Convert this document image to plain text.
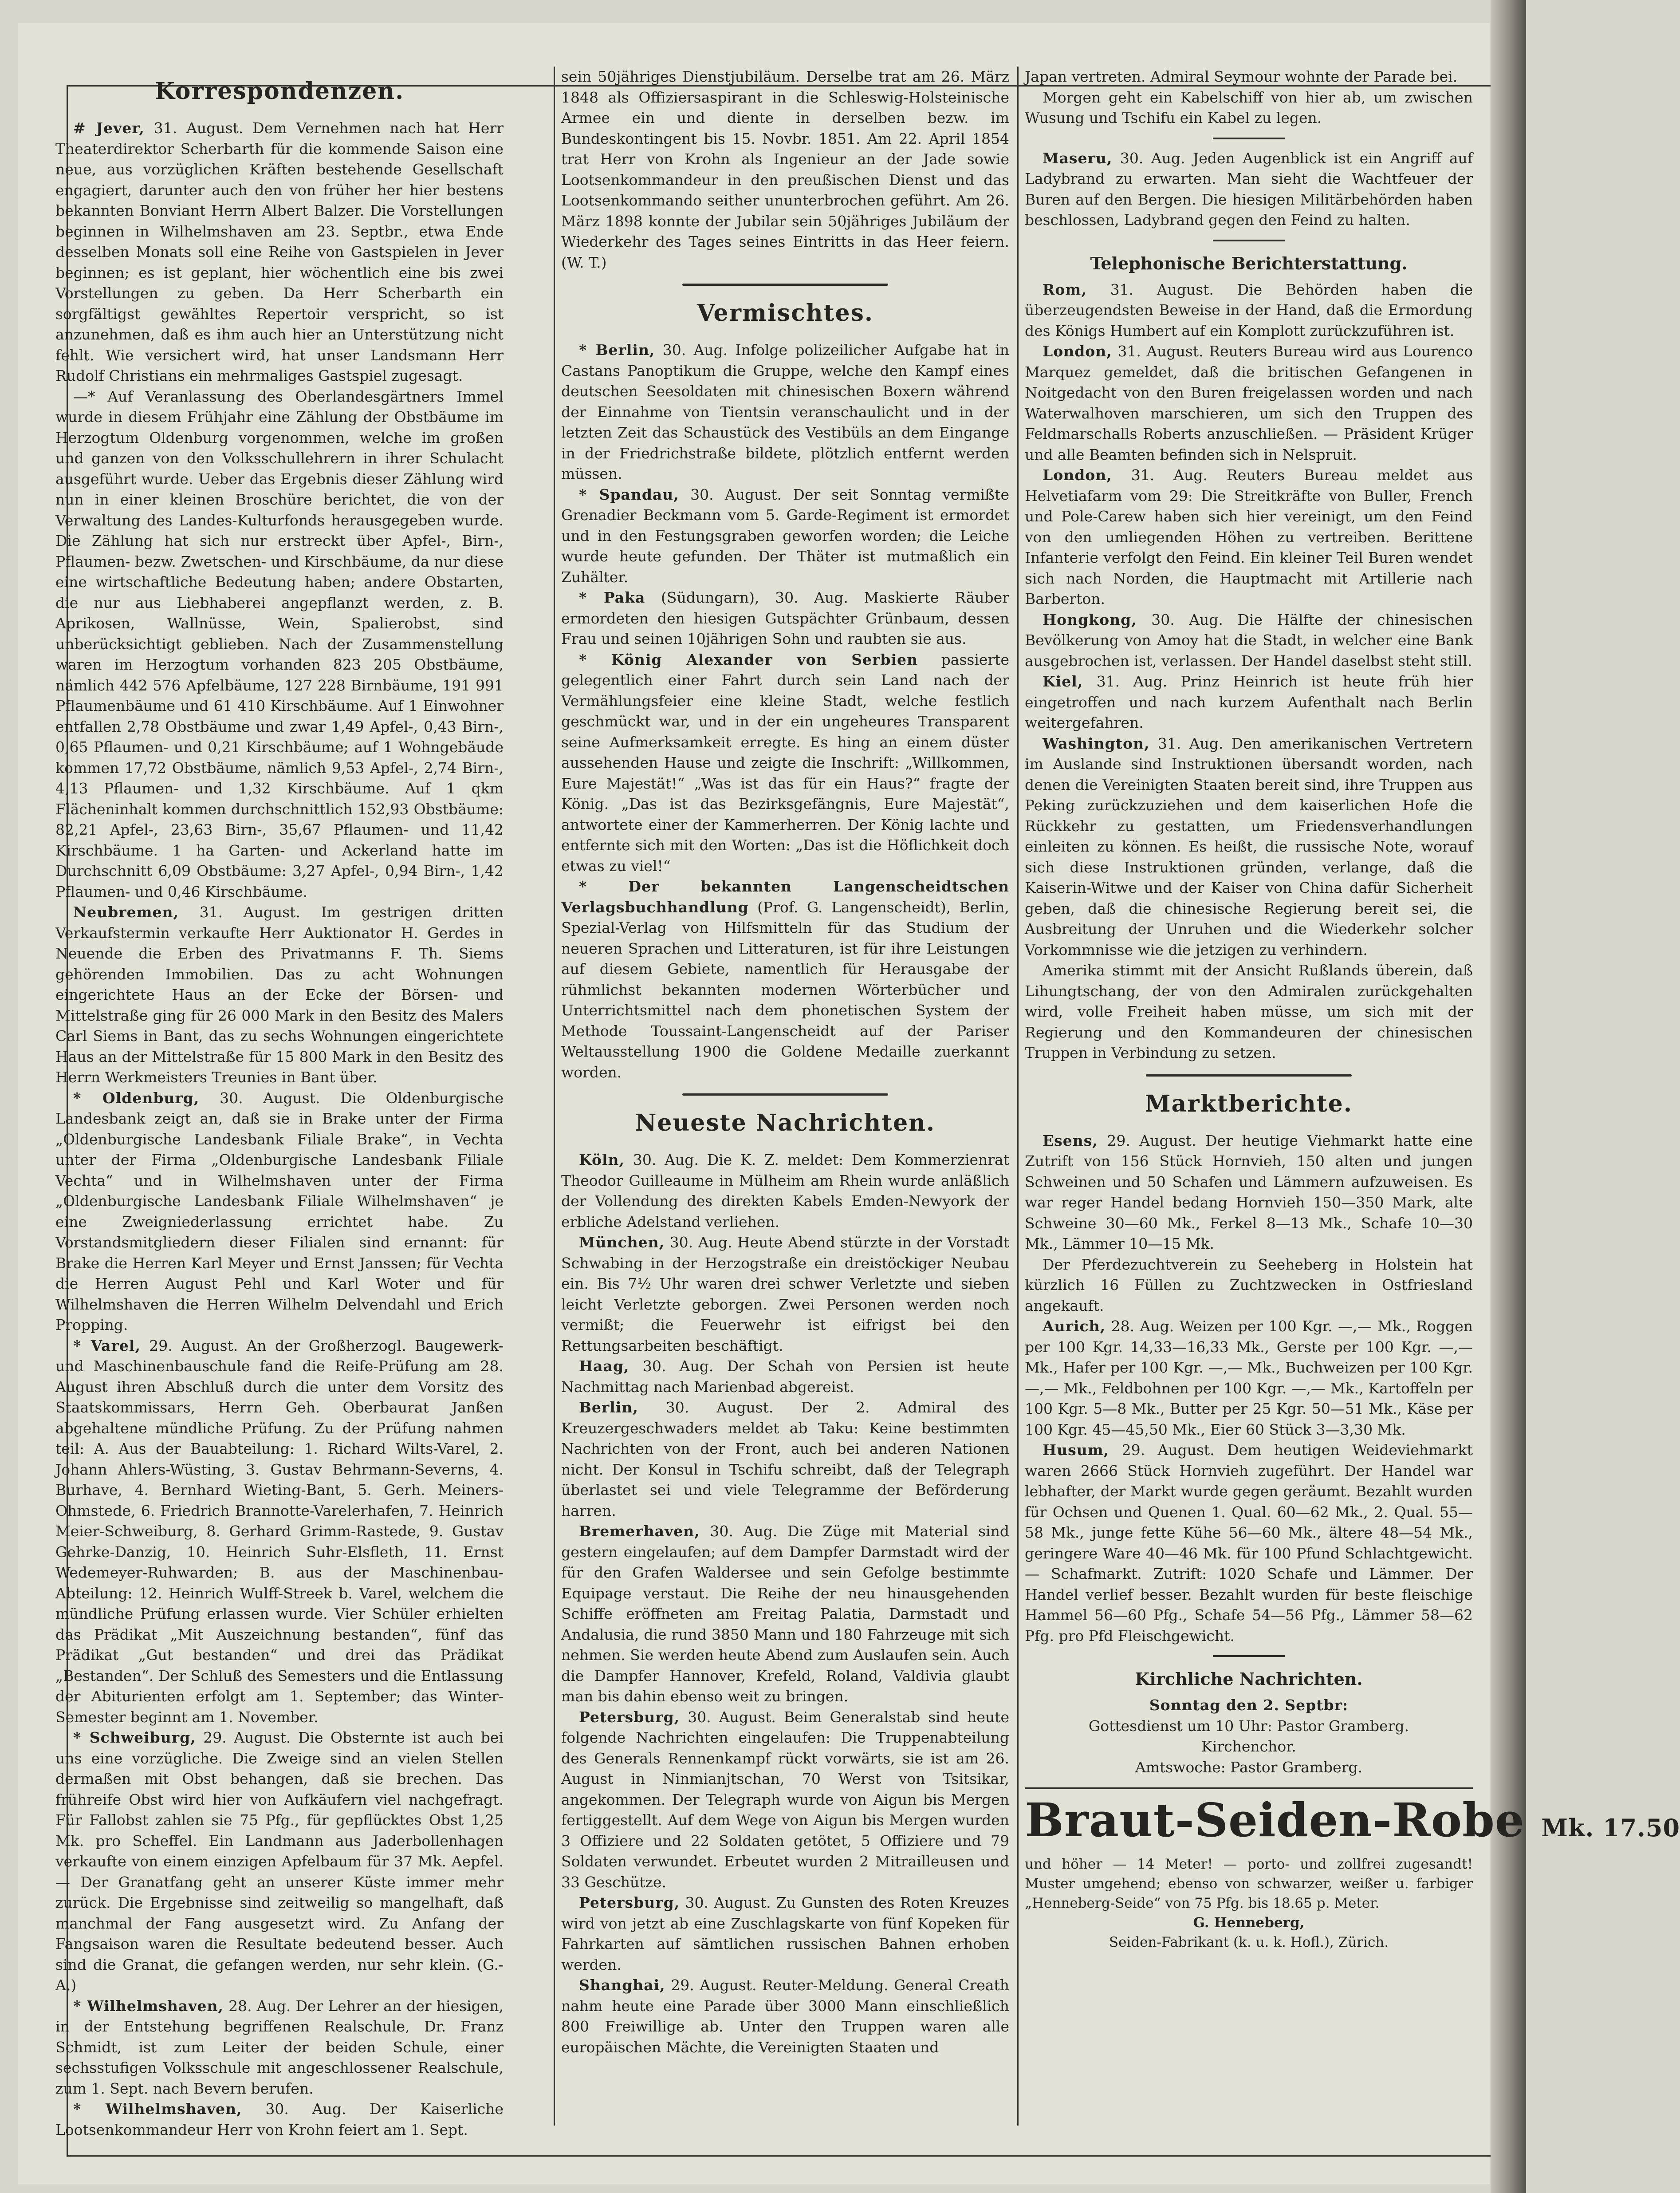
Korrespondenzen.

# Jever, 31. August. Dem Vernehmen nach hat Herr Theaterdirektor Scherbarth für die kommende Saison eine neue, aus vorzüglichen Kräften bestehende Gesellschaft engagiert, darunter auch den von früher her hier bestens bekannten Bonviant Herrn Albert Balzer. Die Vorstellungen beginnen in Wilhelmshaven am 23. Septbr., etwa Ende desselben Monats soll eine Reihe von Gastspielen in Jever beginnen; es ist geplant, hier wöchentlich eine bis zwei Vorstellungen zu geben. Da Herr Scherbarth ein sorgfältigst gewähltes Repertoir verspricht, so ist anzunehmen, daß es ihm auch hier an Unterstützung nicht fehlt. Wie versichert wird, hat unser Landsmann Herr Rudolf Christians ein mehrmaliges Gastspiel zugesagt.

—* Auf Veranlassung des Oberlandesgärtners Immel wurde in diesem Frühjahr eine Zählung der Obstbäume im Herzogtum Oldenburg vorgenommen, welche im großen und ganzen von den Volksschullehrern in ihrer Schulacht ausgeführt wurde. Ueber das Ergebnis dieser Zählung wird nun in einer kleinen Broschüre berichtet, die von der Verwaltung des Landes-Kulturfonds herausgegeben wurde. Die Zählung hat sich nur erstreckt über Apfel-, Birn-, Pflaumen- bezw. Zwetschen- und Kirschbäume, da nur diese eine wirtschaftliche Bedeutung haben; andere Obstarten, die nur aus Liebhaberei angepflanzt werden, z. B. Aprikosen, Wallnüsse, Wein, Spalierobst, sind unberücksichtigt geblieben. Nach der Zusammenstellung waren im Herzogtum vorhanden 823 205 Obstbäume, nämlich 442 576 Apfelbäume, 127 228 Birnbäume, 191 991 Pflaumenbäume und 61 410 Kirschbäume. Auf 1 Einwohner entfallen 2,78 Obstbäume und zwar 1,49 Apfel-, 0,43 Birn-, 0,65 Pflaumen- und 0,21 Kirschbäume; auf 1 Wohngebäude kommen 17,72 Obstbäume, nämlich 9,53 Apfel-, 2,74 Birn-, 4,13 Pflaumen- und 1,32 Kirschbäume. Auf 1 qkm Flächeninhalt kommen durchschnittlich 152,93 Obstbäume: 82,21 Apfel-, 23,63 Birn-, 35,67 Pflaumen- und 11,42 Kirschbäume. 1 ha Garten- und Ackerland hatte im Durchschnitt 6,09 Obstbäume: 3,27 Apfel-, 0,94 Birn-, 1,42 Pflaumen- und 0,46 Kirschbäume.

Neubremen, 31. August. Im gestrigen dritten Verkaufstermin verkaufte Herr Auktionator H. Gerdes in Neuende die Erben des Privatmanns F. Th. Siems gehörenden Immobilien. Das zu acht Wohnungen eingerichtete Haus an der Ecke der Börsen- und Mittelstraße ging für 26 000 Mark in den Besitz des Malers Carl Siems in Bant, das zu sechs Wohnungen eingerichtete Haus an der Mittelstraße für 15 800 Mark in den Besitz des Herrn Werkmeisters Treunies in Bant über.

* Oldenburg, 30. August. Die Oldenburgische Landesbank zeigt an, daß sie in Brake unter der Firma „Oldenburgische Landesbank Filiale Brake“, in Vechta unter der Firma „Oldenburgische Landesbank Filiale Vechta“ und in Wilhelmshaven unter der Firma „Oldenburgische Landesbank Filiale Wilhelmshaven“ je eine Zweigniederlassung errichtet habe. Zu Vorstandsmitgliedern dieser Filialen sind ernannt: für Brake die Herren Karl Meyer und Ernst Janssen; für Vechta die Herren August Pehl und Karl Woter und für Wilhelmshaven die Herren Wilhelm Delvendahl und Erich Propping.

* Varel, 29. August. An der Großherzogl. Baugewerk- und Maschinenbauschule fand die Reife-Prüfung am 28. August ihren Abschluß durch die unter dem Vorsitz des Staatskommissars, Herrn Geh. Oberbaurat Janßen abgehaltene mündliche Prüfung. Zu der Prüfung nahmen teil: A. Aus der Bauabteilung: 1. Richard Wilts-Varel, 2. Johann Ahlers-Wüsting, 3. Gustav Behrmann-Severns, 4. Burhave, 4. Bernhard Wieting-Bant, 5. Gerh. Meiners-Ohmstede, 6. Friedrich Brannotte-Varelerhafen, 7. Heinrich Meier-Schweiburg, 8. Gerhard Grimm-Rastede, 9. Gustav Gehrke-Danzig, 10. Heinrich Suhr-Elsfleth, 11. Ernst Wedemeyer-Ruhwarden; B. aus der Maschinenbau-Abteilung: 12. Heinrich Wulff-Streek b. Varel, welchem die mündliche Prüfung erlassen wurde. Vier Schüler erhielten das Prädikat „Mit Auszeichnung bestanden“, fünf das Prädikat „Gut bestanden“ und drei das Prädikat „Bestanden“. Der Schluß des Semesters und die Entlassung der Abiturienten erfolgt am 1. September; das Winter-Semester beginnt am 1. November.

* Schweiburg, 29. August. Die Obsternte ist auch bei uns eine vorzügliche. Die Zweige sind an vielen Stellen dermaßen mit Obst behangen, daß sie brechen. Das frühreife Obst wird hier von Aufkäufern viel nachgefragt. Für Fallobst zahlen sie 75 Pfg., für gepflücktes Obst 1,25 Mk. pro Scheffel. Ein Landmann aus Jaderbollenhagen verkaufte von einem einzigen Apfelbaum für 37 Mk. Aepfel. — Der Granatfang geht an unserer Küste immer mehr zurück. Die Ergebnisse sind zeitweilig so mangelhaft, daß manchmal der Fang ausgesetzt wird. Zu Anfang der Fangsaison waren die Resultate bedeutend besser. Auch sind die Granat, die gefangen werden, nur sehr klein. (G.-A.)

* Wilhelmshaven, 28. Aug. Der Lehrer an der hiesigen, in der Entstehung begriffenen Realschule, Dr. Franz Schmidt, ist zum Leiter der beiden Schule, einer sechsstufigen Volksschule mit angeschlossener Realschule, zum 1. Sept. nach Bevern berufen.

* Wilhelmshaven, 30. Aug. Der Kaiserliche Lootsenkommandeur Herr von Krohn feiert am 1. Sept.

sein 50jähriges Dienstjubiläum. Derselbe trat am 26. März 1848 als Offiziersaspirant in die Schleswig-Holsteinische Armee ein und diente in derselben bezw. im Bundeskontingent bis 15. Novbr. 1851. Am 22. April 1854 trat Herr von Krohn als Ingenieur an der Jade sowie Lootsenkommandeur in den preußischen Dienst und das Lootsenkommando seither ununterbrochen geführt. Am 26. März 1898 konnte der Jubilar sein 50jähriges Jubiläum der Wiederkehr des Tages seines Eintritts in das Heer feiern. (W. T.)

Vermischtes.

* Berlin, 30. Aug. Infolge polizeilicher Aufgabe hat in Castans Panoptikum die Gruppe, welche den Kampf eines deutschen Seesoldaten mit chinesischen Boxern während der Einnahme von Tientsin veranschaulicht und in der letzten Zeit das Schaustück des Vestibüls an dem Eingange in der Friedrichstraße bildete, plötzlich entfernt werden müssen.

* Spandau, 30. August. Der seit Sonntag vermißte Grenadier Beckmann vom 5. Garde-Regiment ist ermordet und in den Festungsgraben geworfen worden; die Leiche wurde heute gefunden. Der Thäter ist mutmaßlich ein Zuhälter.

* Paka (Südungarn), 30. Aug. Maskierte Räuber ermordeten den hiesigen Gutspächter Grünbaum, dessen Frau und seinen 10jährigen Sohn und raubten sie aus.

* König Alexander von Serbien passierte gelegentlich einer Fahrt durch sein Land nach der Vermählungsfeier eine kleine Stadt, welche festlich geschmückt war, und in der ein ungeheures Transparent seine Aufmerksamkeit erregte. Es hing an einem düster aussehenden Hause und zeigte die Inschrift: „Willkommen, Eure Majestät!“ „Was ist das für ein Haus?“ fragte der König. „Das ist das Bezirksgefängnis, Eure Majestät“, antwortete einer der Kammerherren. Der König lachte und entfernte sich mit den Worten: „Das ist die Höflichkeit doch etwas zu viel!“

* Der bekannten Langenscheidtschen Verlagsbuchhandlung (Prof. G. Langenscheidt), Berlin, Spezial-Verlag von Hilfsmitteln für das Studium der neueren Sprachen und Litteraturen, ist für ihre Leistungen auf diesem Gebiete, namentlich für Herausgabe der rühmlichst bekannten modernen Wörterbücher und Unterrichtsmittel nach dem phonetischen System der Methode Toussaint-Langenscheidt auf der Pariser Weltausstellung 1900 die Goldene Medaille zuerkannt worden.

Neueste Nachrichten.

Köln, 30. Aug. Die K. Z. meldet: Dem Kommerzienrat Theodor Guilleaume in Mülheim am Rhein wurde anläßlich der Vollendung des direkten Kabels Emden-Newyork der erbliche Adelstand verliehen.

München, 30. Aug. Heute Abend stürzte in der Vorstadt Schwabing in der Herzogstraße ein dreistöckiger Neubau ein. Bis 7½ Uhr waren drei schwer Verletzte und sieben leicht Verletzte geborgen. Zwei Personen werden noch vermißt; die Feuerwehr ist eifrigst bei den Rettungsarbeiten beschäftigt.

Haag, 30. Aug. Der Schah von Persien ist heute Nachmittag nach Marienbad abgereist.

Berlin, 30. August. Der 2. Admiral des Kreuzergeschwaders meldet ab Taku: Keine bestimmten Nachrichten von der Front, auch bei anderen Nationen nicht. Der Konsul in Tschifu schreibt, daß der Telegraph überlastet sei und viele Telegramme der Beförderung harren.

Bremerhaven, 30. Aug. Die Züge mit Material sind gestern eingelaufen; auf dem Dampfer Darmstadt wird der für den Grafen Waldersee und sein Gefolge bestimmte Equipage verstaut. Die Reihe der neu hinausgehenden Schiffe eröffneten am Freitag Palatia, Darmstadt und Andalusia, die rund 3850 Mann und 180 Fahrzeuge mit sich nehmen. Sie werden heute Abend zum Auslaufen sein. Auch die Dampfer Hannover, Krefeld, Roland, Valdivia glaubt man bis dahin ebenso weit zu bringen.

Petersburg, 30. August. Beim Generalstab sind heute folgende Nachrichten eingelaufen: Die Truppenabteilung des Generals Rennenkampf rückt vorwärts, sie ist am 26. August in Ninmianjtschan, 70 Werst von Tsitsikar, angekommen. Der Telegraph wurde von Aigun bis Mergen fertiggestellt. Auf dem Wege von Aigun bis Mergen wurden 3 Offiziere und 22 Soldaten getötet, 5 Offiziere und 79 Soldaten verwundet. Erbeutet wurden 2 Mitrailleusen und 33 Geschütze.

Petersburg, 30. August. Zu Gunsten des Roten Kreuzes wird von jetzt ab eine Zuschlagskarte von fünf Kopeken für Fahrkarten auf sämtlichen russischen Bahnen erhoben werden.

Shanghai, 29. August. Reuter-Meldung. General Creath nahm heute eine Parade über 3000 Mann einschließlich 800 Freiwillige ab. Unter den Truppen waren alle europäischen Mächte, die Vereinigten Staaten und

Japan vertreten. Admiral Seymour wohnte der Parade bei.

Morgen geht ein Kabelschiff von hier ab, um zwischen Wusung und Tschifu ein Kabel zu legen.

Maseru, 30. Aug. Jeden Augenblick ist ein Angriff auf Ladybrand zu erwarten. Man sieht die Wachtfeuer der Buren auf den Bergen. Die hiesigen Militärbehörden haben beschlossen, Ladybrand gegen den Feind zu halten.

Telephonische Berichterstattung.

Rom, 31. August. Die Behörden haben die überzeugendsten Beweise in der Hand, daß die Ermordung des Königs Humbert auf ein Komplott zurückzuführen ist.

London, 31. August. Reuters Bureau wird aus Lourenco Marquez gemeldet, daß die britischen Gefangenen in Noitgedacht von den Buren freigelassen worden und nach Waterwalhoven marschieren, um sich den Truppen des Feldmarschalls Roberts anzuschließen. — Präsident Krüger und alle Beamten befinden sich in Nelspruit.

London, 31. Aug. Reuters Bureau meldet aus Helvetiafarm vom 29: Die Streitkräfte von Buller, French und Pole-Carew haben sich hier vereinigt, um den Feind von den umliegenden Höhen zu vertreiben. Berittene Infanterie verfolgt den Feind. Ein kleiner Teil Buren wendet sich nach Norden, die Hauptmacht mit Artillerie nach Barberton.

Hongkong, 30. Aug. Die Hälfte der chinesischen Bevölkerung von Amoy hat die Stadt, in welcher eine Bank ausgebrochen ist, verlassen. Der Handel daselbst steht still.

Kiel, 31. Aug. Prinz Heinrich ist heute früh hier eingetroffen und nach kurzem Aufenthalt nach Berlin weitergefahren.

Washington, 31. Aug. Den amerikanischen Vertretern im Auslande sind Instruktionen übersandt worden, nach denen die Vereinigten Staaten bereit sind, ihre Truppen aus Peking zurückzuziehen und dem kaiserlichen Hofe die Rückkehr zu gestatten, um Friedensverhandlungen einleiten zu können. Es heißt, die russische Note, worauf sich diese Instruktionen gründen, verlange, daß die Kaiserin-Witwe und der Kaiser von China dafür Sicherheit geben, daß die chinesische Regierung bereit sei, die Ausbreitung der Unruhen und die Wiederkehr solcher Vorkommnisse wie die jetzigen zu verhindern.

Amerika stimmt mit der Ansicht Rußlands überein, daß Lihungtschang, der von den Admiralen zurückgehalten wird, volle Freiheit haben müsse, um sich mit der Regierung und den Kommandeuren der chinesischen Truppen in Verbindung zu setzen.

Marktberichte.

Esens, 29. August. Der heutige Viehmarkt hatte eine Zutrift von 156 Stück Hornvieh, 150 alten und jungen Schweinen und 50 Schafen und Lämmern aufzuweisen. Es war reger Handel bedang Hornvieh 150—350 Mark, alte Schweine 30—60 Mk., Ferkel 8—13 Mk., Schafe 10—30 Mk., Lämmer 10—15 Mk.

Der Pferdezuchtverein zu Seeheberg in Holstein hat kürzlich 16 Füllen zu Zuchtzwecken in Ostfriesland angekauft.

Aurich, 28. Aug. Weizen per 100 Kgr. —,— Mk., Roggen per 100 Kgr. 14,33—16,33 Mk., Gerste per 100 Kgr. —,— Mk., Hafer per 100 Kgr. —,— Mk., Buchweizen per 100 Kgr. —,— Mk., Feldbohnen per 100 Kgr. —,— Mk., Kartoffeln per 100 Kgr. 5—8 Mk., Butter per 25 Kgr. 50—51 Mk., Käse per 100 Kgr. 45—45,50 Mk., Eier 60 Stück 3—3,30 Mk.

Husum, 29. August. Dem heutigen Weideviehmarkt waren 2666 Stück Hornvieh zugeführt. Der Handel war lebhafter, der Markt wurde gegen geräumt. Bezahlt wurden für Ochsen und Quenen 1. Qual. 60—62 Mk., 2. Qual. 55—58 Mk., junge fette Kühe 56—60 Mk., ältere 48—54 Mk., geringere Ware 40—46 Mk. für 100 Pfund Schlachtgewicht. — Schafmarkt. Zutrift: 1020 Schafe und Lämmer. Der Handel verlief besser. Bezahlt wurden für beste fleischige Hammel 56—60 Pfg., Schafe 54—56 Pfg., Lämmer 58—62 Pfg. pro Pfd Fleischgewicht.

Kirchliche Nachrichten.

Sonntag den 2. Septbr:

Gottesdienst um 10 Uhr: Pastor Gramberg.

Kirchenchor.

Amtswoche: Pastor Gramberg.

Braut-Seiden-Robe Mk. 17.50

und höher — 14 Meter! — porto- und zollfrei zugesandt! Muster umgehend; ebenso von schwarzer, weißer u. farbiger „Henneberg-Seide“ von 75 Pfg. bis 18.65 p. Meter.

G. Henneberg,

Seiden-Fabrikant (k. u. k. Hofl.), Zürich.
